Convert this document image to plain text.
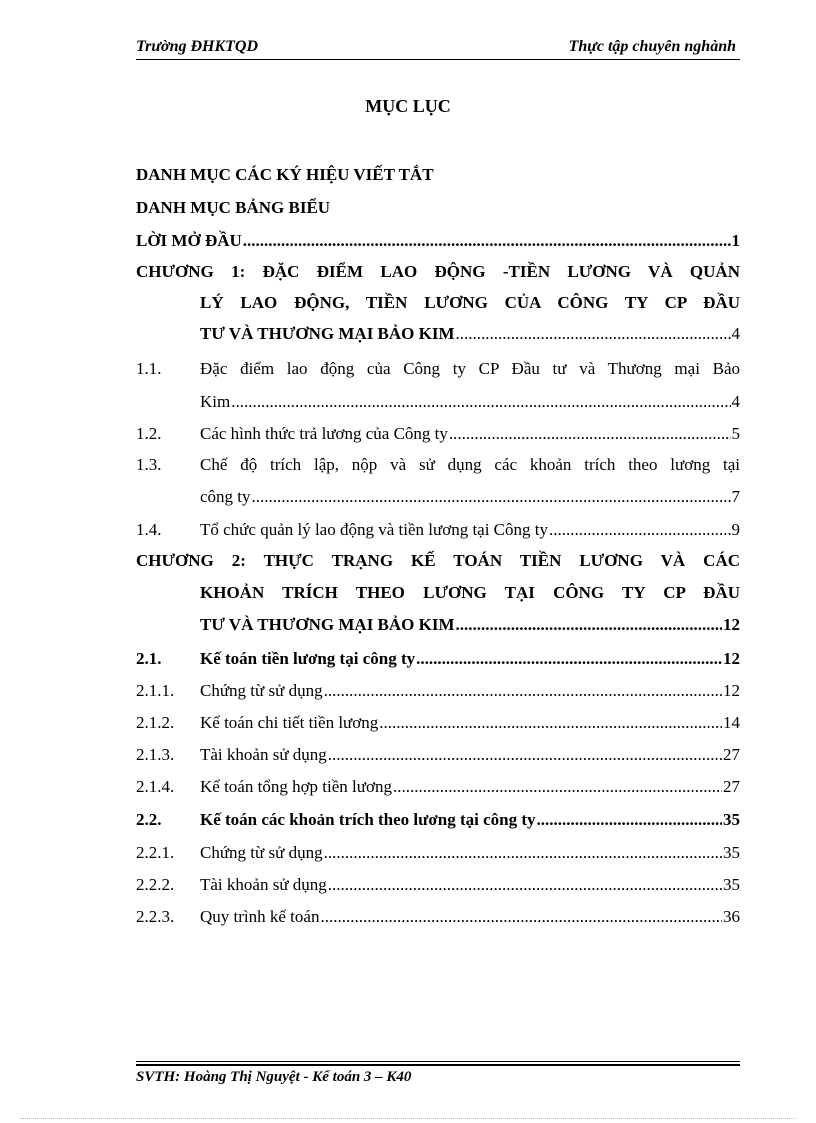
Trường ĐHKTQD	Thực tập chuyên nghành
MỤC LỤC
DANH MỤC CÁC KÝ HIỆU VIẾT TẮT
DANH MỤC BẢNG BIỂU
LỜI MỞ ĐẦU .....	1
CHƯƠNG 1: ĐẶC ĐIỂM LAO ĐỘNG -TIỀN LƯƠNG VÀ QUẢN
LÝ LAO ĐỘNG, TIỀN LƯƠNG CỦA CÔNG TY CP ĐẦU
TƯ VÀ THƯƠNG MẠI BẢO KIM .....	4
1.1.	Đặc điểm lao động của Công ty CP Đầu tư và Thương mại Bảo
Kim .....	4
1.2.	Các hình thức trả lương của Công ty .....	5
1.3.	Chế độ trích lập, nộp và sử dụng các khoản trích theo lương tại
công ty .....	7
1.4.	Tổ chức quản lý lao động và tiền lương tại Công ty .....	9
CHƯƠNG 2: THỰC TRẠNG KẾ TOÁN TIỀN LƯƠNG VÀ CÁC
KHOẢN TRÍCH THEO LƯƠNG TẠI CÔNG TY CP ĐẦU
TƯ VÀ THƯƠNG MẠI BẢO KIM .....	12
2.1.	Kế toán tiền lương tại công ty .....	12
2.1.1.	Chứng từ sử dụng .....	12
2.1.2.	Kế toán chi tiết tiền lương .....	14
2.1.3.	Tài khoản sử dụng .....	27
2.1.4.	Kế toán tổng hợp tiền lương .....	27
2.2.	Kế toán các khoản trích theo lương tại công ty .....	35
2.2.1.	Chứng từ sử dụng .....	35
2.2.2.	Tài khoản sử dụng .....	35
2.2.3.	Quy trình kế toán .....	36
SVTH: Hoàng Thị Nguyệt - Kế toán 3 – K40
